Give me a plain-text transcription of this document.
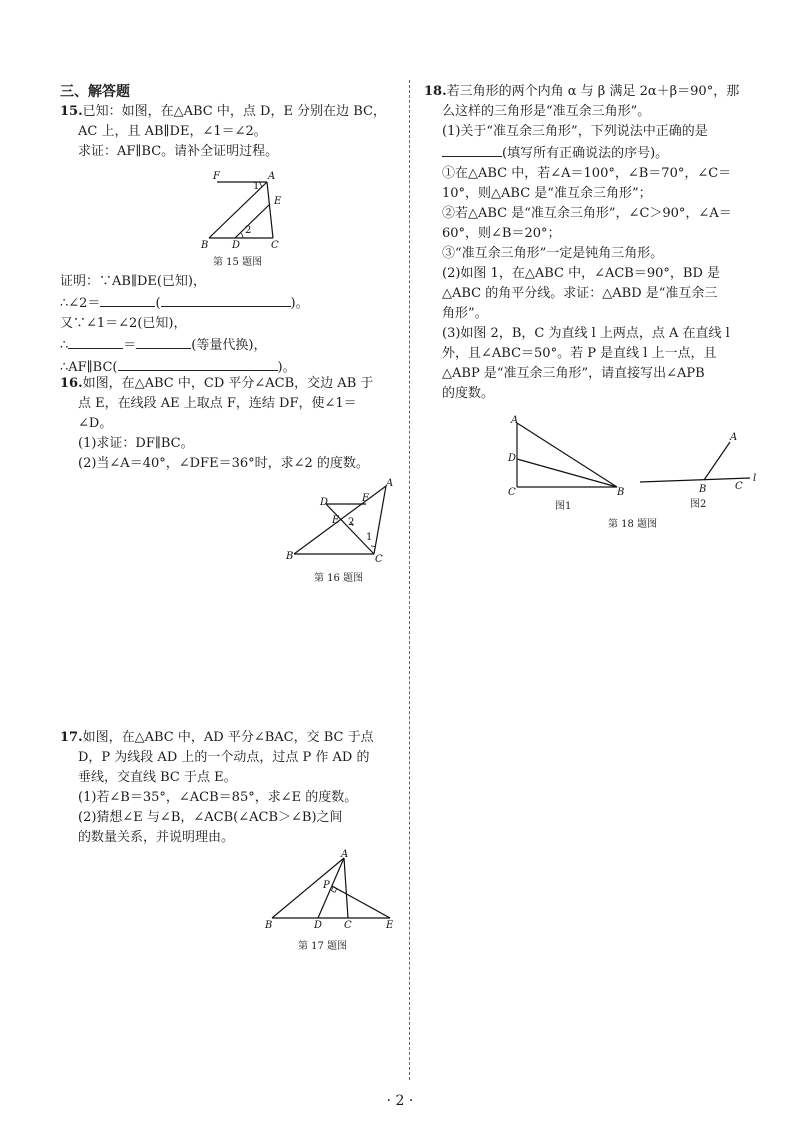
三、解答题
15.已知：如图，在△ABC 中，点 D，E 分别在边 BC，
AC 上，且 AB∥DE，∠1＝∠2。
求证：AF∥BC。请补全证明过程。
F	A
E
B D	C
1
2
第 15 题图
证明：∵AB∥DE(已知)，
∴∠2＝	(	)。
又∵∠1＝∠2(已知)，
∴	＝	(等量代换)，
∴AF∥BC(	)。
16.如图，在△ABC 中，CD 平分∠ACB，交边 AB 于
点 E，在线段 AE 上取点 F，连结 DF，使∠1＝
∠D。
(1)求证：DF∥BC。
(2)当∠A＝40°，∠DFE＝36°时，求∠2 的度数。
D	F
A
E 2
1
B	C
第 16 题图
17.如图，在△ABC 中，AD 平分∠BAC，交 BC 于点
D，P 为线段 AD 上的一个动点，过点 P 作 AD 的
垂线，交直线 BC 于点 E。
(1)若∠B＝35°，∠ACB＝85°，求∠E 的度数。
(2)猜想∠E 与∠B，∠ACB(∠ACB＞∠B)之间
的数量关系，并说明理由。
A
P
B	D C	E
第 17 题图
18.若三角形的两个内角 α 与 β 满足 2α＋β＝90°，那
么这样的三角形是“准互余三角形”。
(1)关于“准互余三角形”，下列说法中正确的是
(填写所有正确说法的序号)。
①在△ABC 中，若∠A＝100°，∠B＝70°，∠C＝
10°，则△ABC 是“准互余三角形”；
②若△ABC 是“准互余三角形”，∠C＞90°，∠A＝
60°，则∠B＝20°；
③“准互余三角形”一定是钝角三角形。
(2)如图 1，在△ABC 中，∠ACB＝90°，BD 是
△ABC 的角平分线。求证：△ABD 是“准互余三
角形”。
(3)如图 2，B，C 为直线 l 上两点，点 A 在直线 l
外，且∠ABC＝50°。若 P 是直线 l 上一点，且
△ABP 是“准互余三角形”，请直接写出∠APB
的度数。
A
D
C	B
图1
A
B	C
l
图2
第 18 题图
· 2 ·
